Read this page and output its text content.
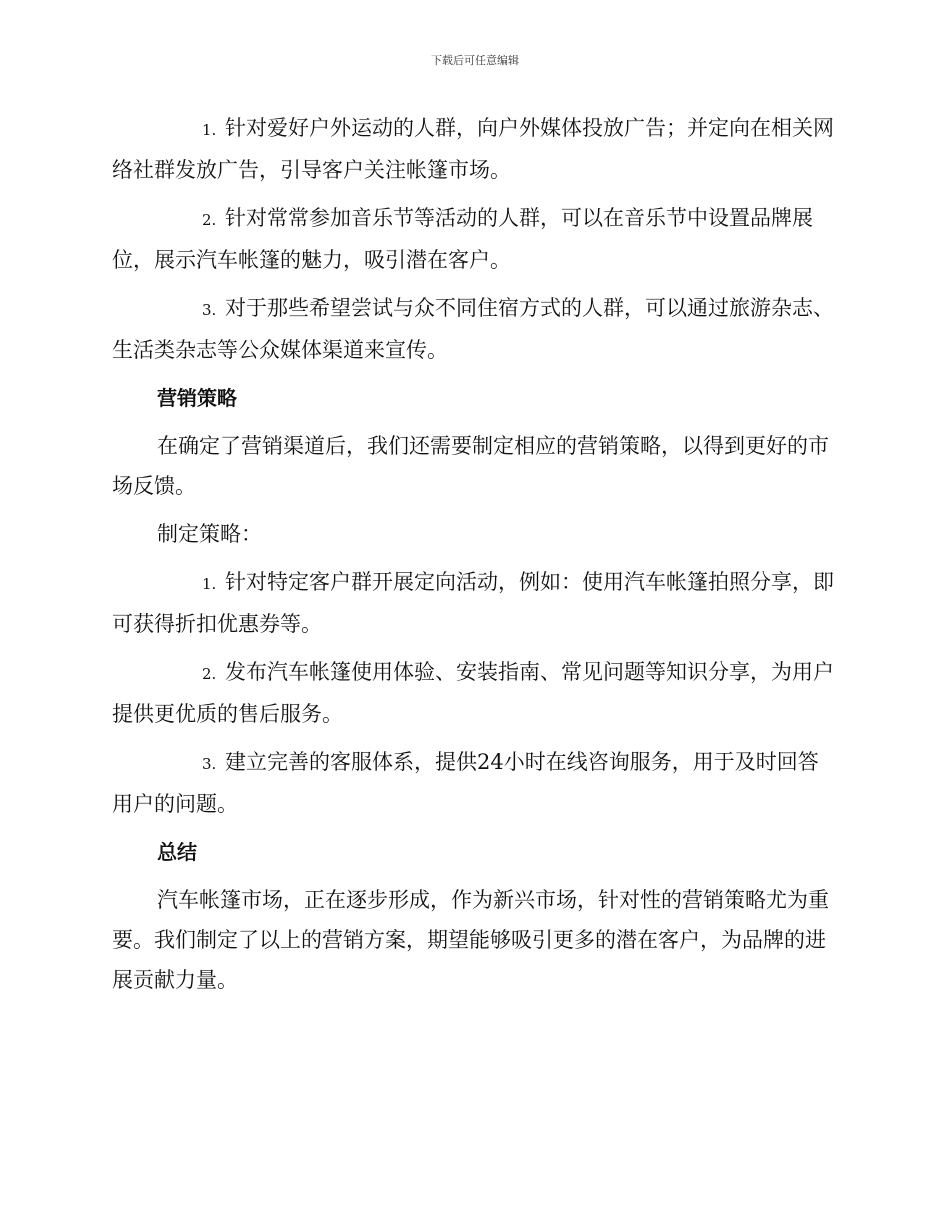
下载后可任意编辑

1. 针对爱好户外运动的人群，向户外媒体投放广告；并定向在相关网络社群发放广告，引导客户关注帐篷市场。

2. 针对常常参加音乐节等活动的人群，可以在音乐节中设置品牌展位，展示汽车帐篷的魅力，吸引潜在客户。

3. 对于那些希望尝试与众不同住宿方式的人群，可以通过旅游杂志、生活类杂志等公众媒体渠道来宣传。

营销策略

在确定了营销渠道后，我们还需要制定相应的营销策略，以得到更好的市场反馈。

制定策略：

1. 针对特定客户群开展定向活动，例如：使用汽车帐篷拍照分享，即可获得折扣优惠券等。

2. 发布汽车帐篷使用体验、安装指南、常见问题等知识分享，为用户提供更优质的售后服务。

3. 建立完善的客服体系，提供24小时在线咨询服务，用于及时回答用户的问题。

总结

汽车帐篷市场，正在逐步形成，作为新兴市场，针对性的营销策略尤为重要。我们制定了以上的营销方案，期望能够吸引更多的潜在客户，为品牌的进展贡献力量。
